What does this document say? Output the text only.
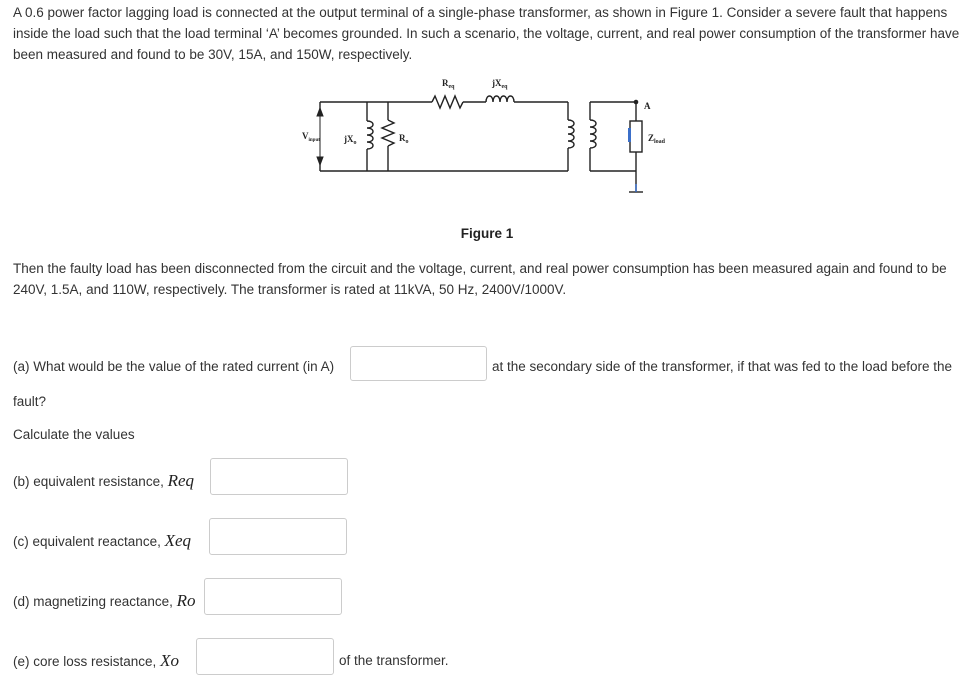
A 0.6 power factor lagging load is connected at the output terminal of a single-phase transformer, as shown in Figure 1. Consider a severe fault that happens inside the load such that the load terminal ‘A’ becomes grounded. In such a scenario, the voltage, current, and real power consumption of the transformer have been measured and found to be 30V, 15A, and 150W, respectively.

$R_{eq}$	$jX_{eq}$
$V_{input}$	$jX_o$	$R_o$
A
$Z_{load}$
Figure 1

Then the faulty load has been disconnected from the circuit and the voltage, current, and real power consumption has been measured again and found to be 240V, 1.5A, and 110W, respectively. The transformer is rated at 11kVA, 50 Hz, 2400V/1000V.

(a) What would be the value of the rated current (in A)	at the secondary side of the transformer, if that was fed to the load before the
fault?
Calculate the values
(b) equivalent resistance, Req
(c) equivalent reactance, Xeq
(d) magnetizing reactance, Ro
(e) core loss resistance, Xo	of the transformer.
